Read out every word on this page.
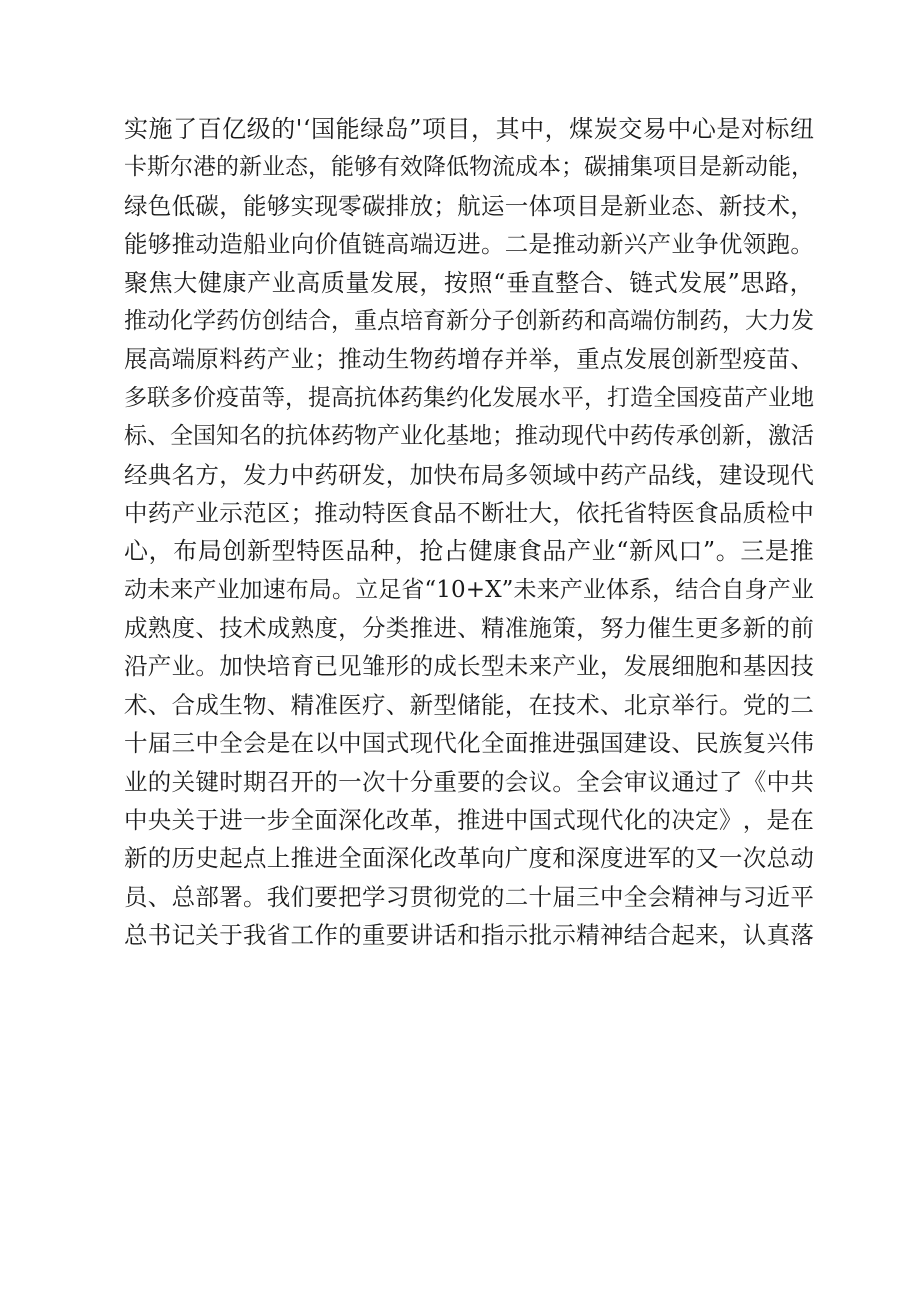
实 施 了 百 亿 级 的 ' ‘ 国 能 绿 岛 ” 项 目 ， 其 中 ， 煤 炭 交 易 中 心 是 对 标 纽
卡 斯 尔 港 的 新 业 态 ， 能 够 有 效 降 低 物 流 成 本 ； 碳 捕 集 项 目 是 新 动 能 ，
绿 色 低 碳 ， 能 够 实 现 零 碳 排 放 ； 航 运 一 体 项 目 是 新 业 态 、 新 技 术 ，
能 够 推 动 造 船 业 向 价 值 链 高 端 迈 进 。 二 是 推 动 新 兴 产 业 争 优 领 跑 。
聚 焦 大 健 康 产 业 高 质 量 发 展 ， 按 照 “ 垂 直 整 合 、 链 式 发 展 ” 思 路 ，
推 动 化 学 药 仿 创 结 合 ， 重 点 培 育 新 分 子 创 新 药 和 高 端 仿 制 药 ， 大 力 发
展 高 端 原 料 药 产 业 ； 推 动 生 物 药 增 存 并 举 ， 重 点 发 展 创 新 型 疫 苗 、
多 联 多 价 疫 苗 等 ， 提 高 抗 体 药 集 约 化 发 展 水 平 ， 打 造 全 国 疫 苗 产 业 地
标 、 全 国 知 名 的 抗 体 药 物 产 业 化 基 地 ； 推 动 现 代 中 药 传 承 创 新 ， 激 活
经 典 名 方 ， 发 力 中 药 研 发 ， 加 快 布 局 多 领 域 中 药 产 品 线 ， 建 设 现 代
中 药 产 业 示 范 区 ； 推 动 特 医 食 品 不 断 壮 大 ， 依 托 省 特 医 食 品 质 检 中
心 ， 布 局 创 新 型 特 医 品 种 ， 抢 占 健 康 食 品 产 业 “ 新 风 口 ” 。 三 是 推
动 未 来 产 业 加 速 布 局 。 立 足 省 “ 1 0 + X ” 未 来 产 业 体 系 ， 结 合 自 身 产 业
成 熟 度 、 技 术 成 熟 度 ， 分 类 推 进 、 精 准 施 策 ， 努 力 催 生 更 多 新 的 前
沿 产 业 。 加 快 培 育 已 见 雏 形 的 成 长 型 未 来 产 业 ， 发 展 细 胞 和 基 因 技
术 、 合 成 生 物 、 精 准 医 疗 、 新 型 储 能 ， 在 技 术 、 北 京 举 行 。 党 的 二
十 届 三 中 全 会 是 在 以 中 国 式 现 代 化 全 面 推 进 强 国 建 设 、 民 族 复 兴 伟
业 的 关 键 时 期 召 开 的 一 次 十 分 重 要 的 会 议 。 全 会 审 议 通 过 了 《 中 共
中 央 关 于 进 一 步 全 面 深 化 改 革 ， 推 进 中 国 式 现 代 化 的 决 定 》 ， 是 在
新 的 历 史 起 点 上 推 进 全 面 深 化 改 革 向 广 度 和 深 度 进 军 的 又 一 次 总 动
员 、 总 部 署 。 我 们 要 把 学 习 贯 彻 党 的 二 十 届 三 中 全 会 精 神 与 习 近 平
总 书 记 关 于 我 省 工 作 的 重 要 讲 话 和 指 示 批 示 精 神 结 合 起 来 ， 认 真 落
